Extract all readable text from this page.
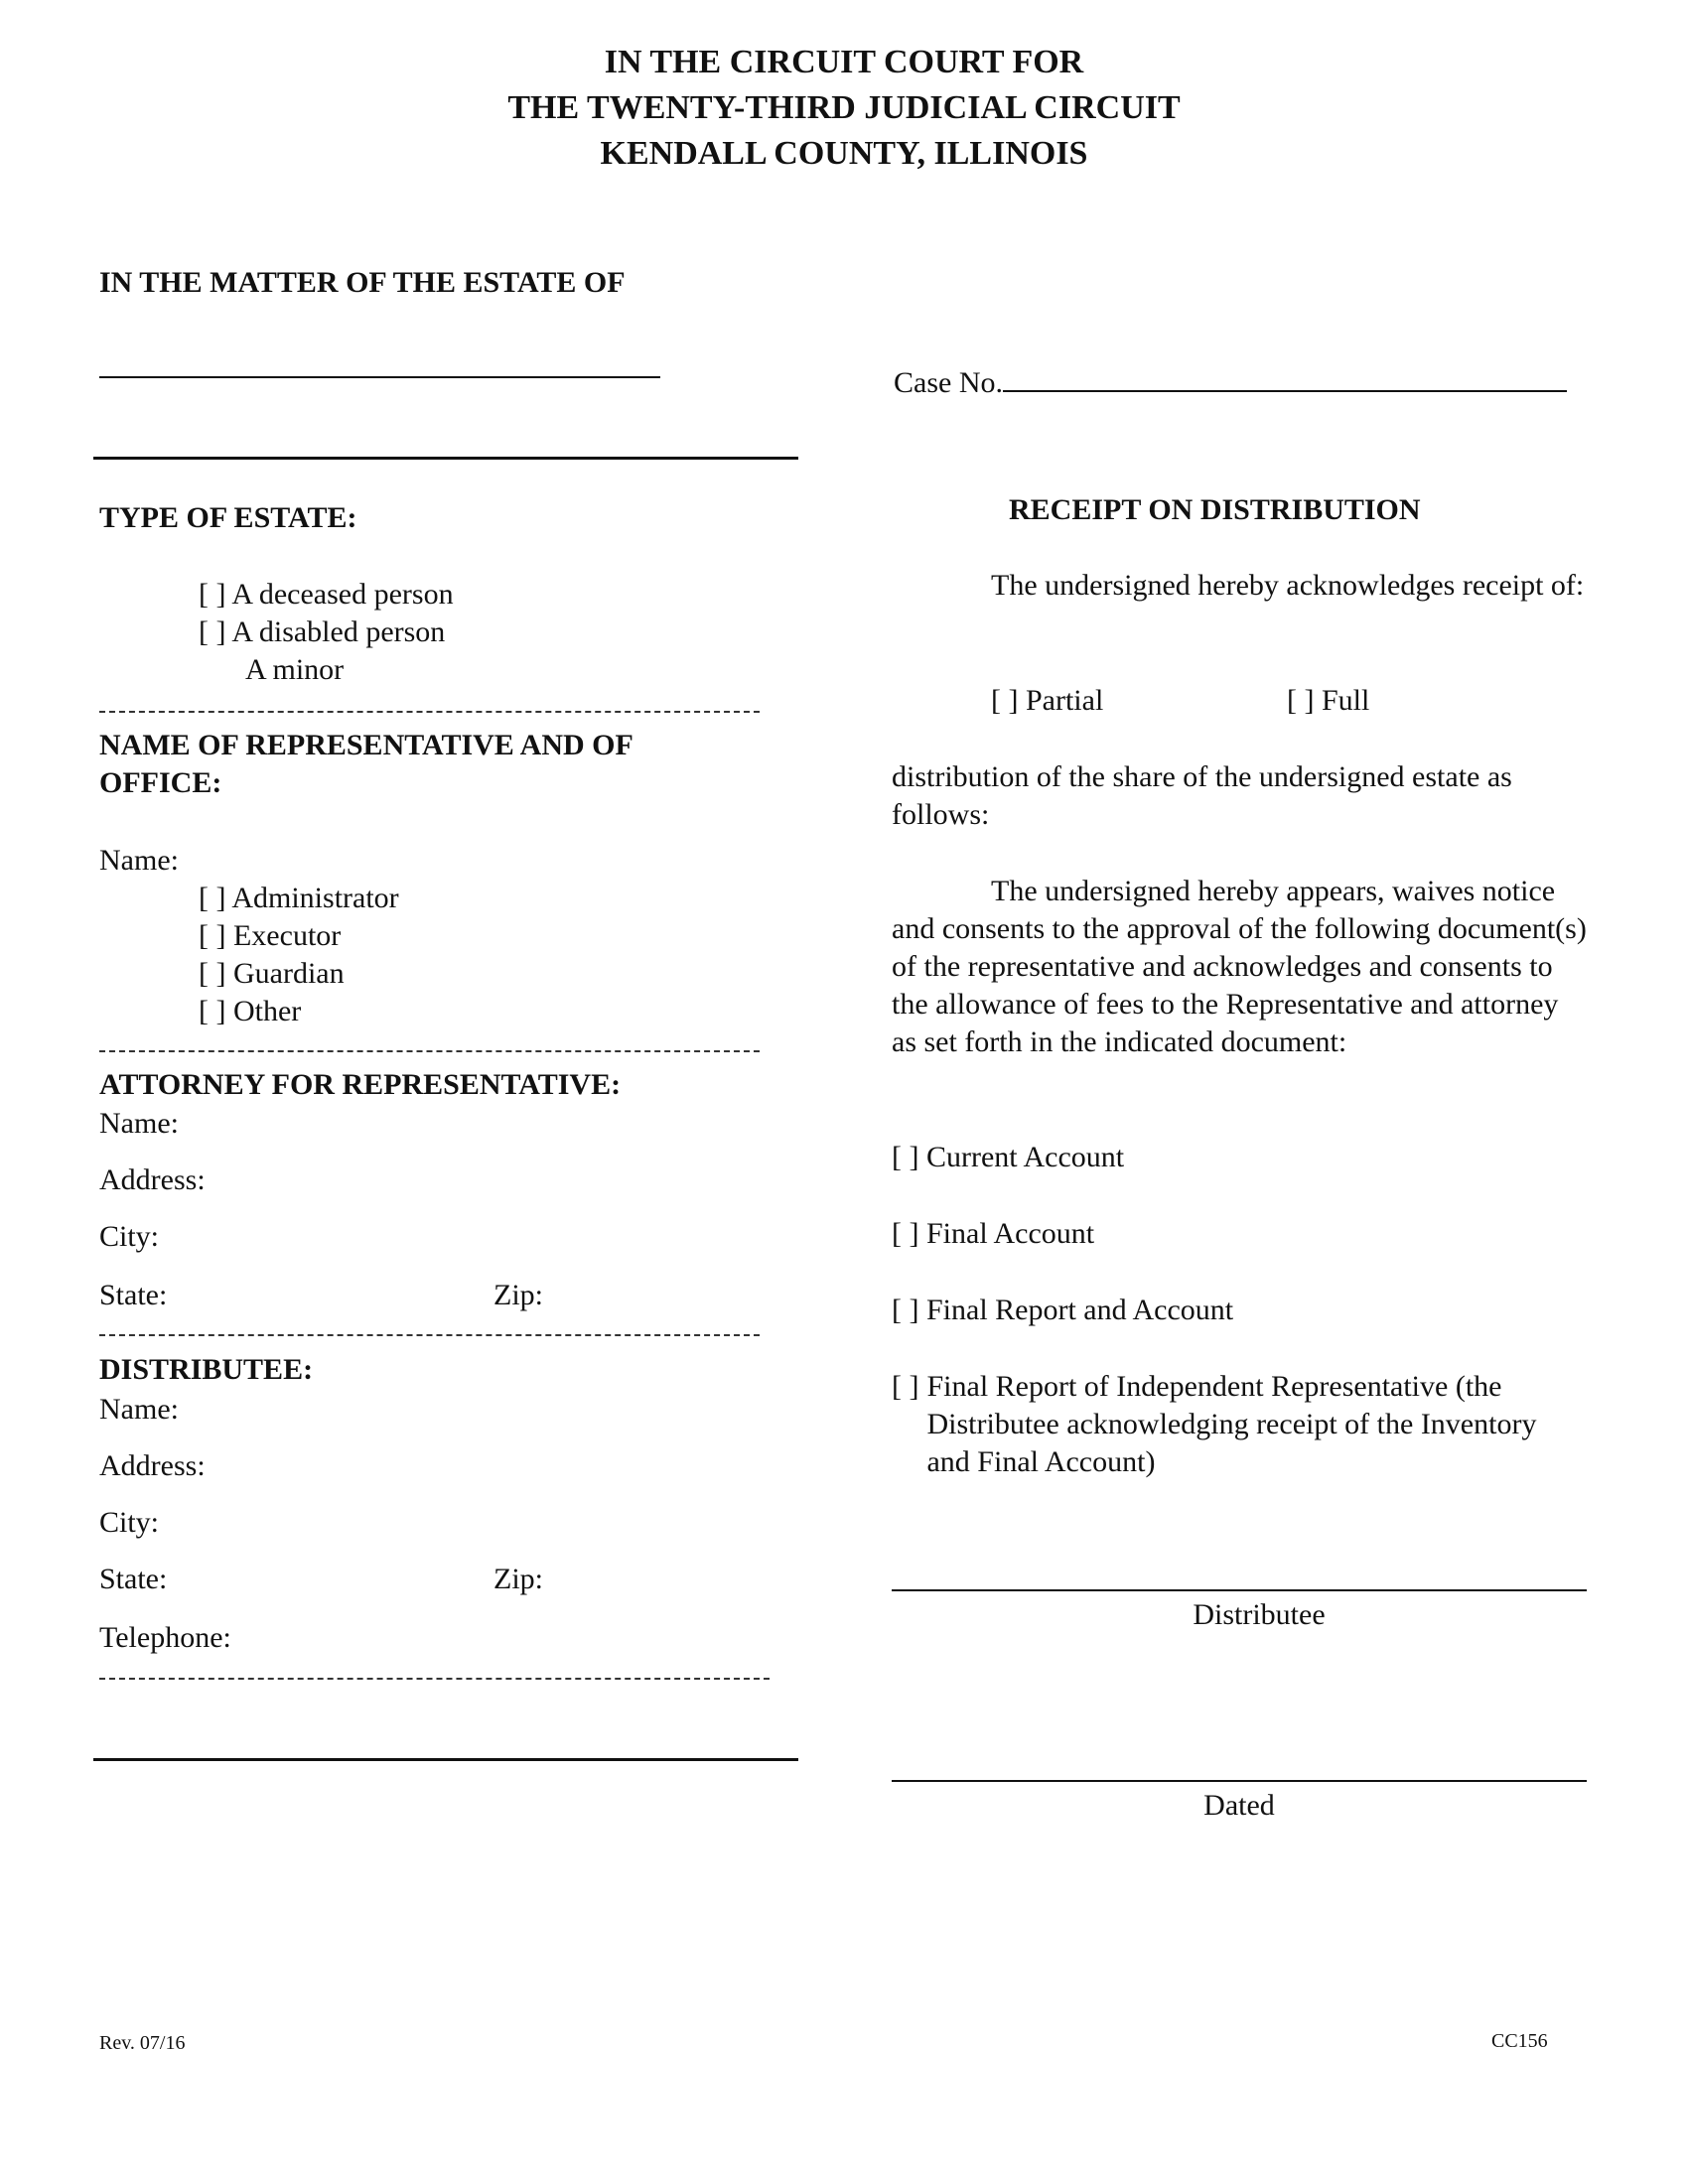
IN THE CIRCUIT COURT FOR
THE TWENTY-THIRD JUDICIAL CIRCUIT
KENDALL COUNTY, ILLINOIS
IN THE MATTER OF THE ESTATE OF
Case No.
TYPE OF ESTATE:
[ ] A deceased person
[ ] A disabled person
A minor
NAME OF REPRESENTATIVE AND OF
OFFICE:
Name:
[ ] Administrator
[ ] Executor
[ ] Guardian
[ ] Other
ATTORNEY FOR REPRESENTATIVE:
Name:
Address:
City:
State:	Zip:
DISTRIBUTEE:
Name:
Address:
City:
State:	Zip:
Telephone:
RECEIPT ON DISTRIBUTION
The undersigned hereby acknowledges receipt of:
[ ] Partial	[ ] Full
distribution of the share of the undersigned estate as follows:
The undersigned hereby appears, waives notice and consents to the approval of the following document(s) of the representative and acknowledges and consents to the allowance of fees to the Representative and attorney as set forth in the indicated document:
[ ] Current Account
[ ] Final Account
[ ] Final Report and Account
[ ] Final Report of Independent Representative (the Distributee acknowledging receipt of the Inventory and Final Account)
Distributee
Dated
Rev. 07/16	CC156
